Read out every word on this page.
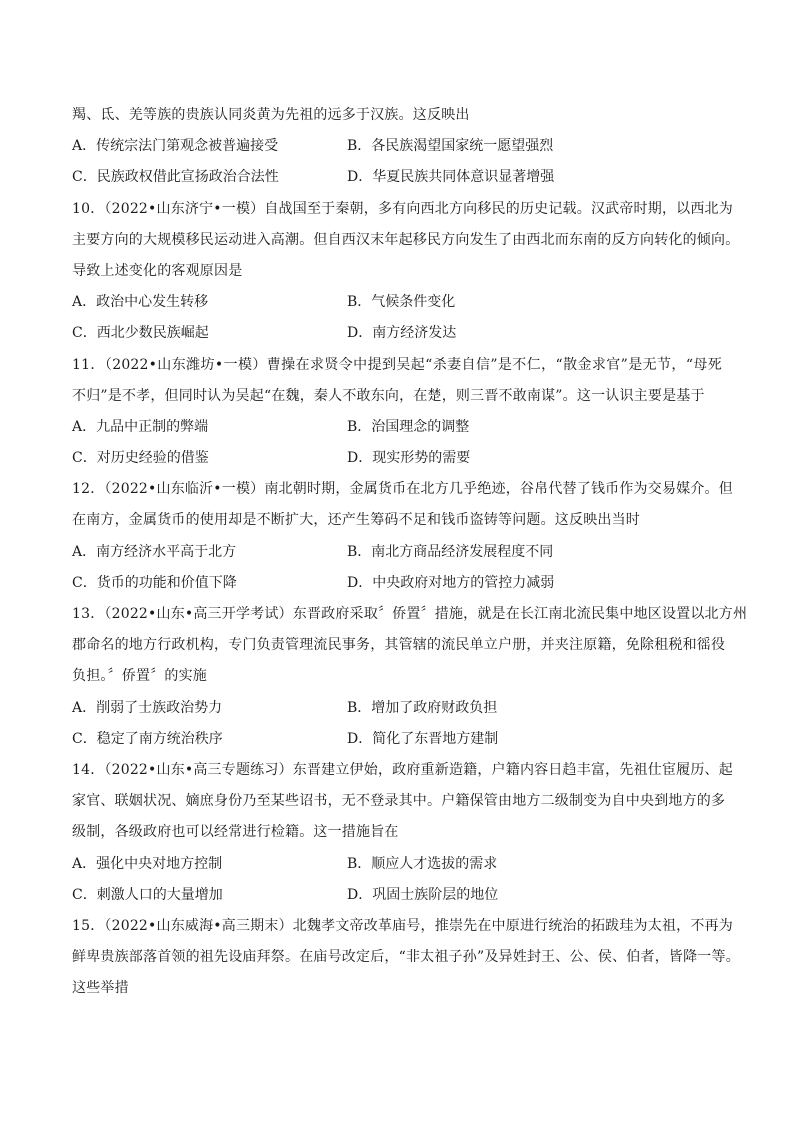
羯、氐、羌等族的贵族认同炎黄为先祖的远多于汉族。这反映出
A．传统宗法门第观念被普遍接受	B．各民族渴望国家统一愿望强烈
C．民族政权借此宣扬政治合法性	D．华夏民族共同体意识显著增强
10．（2022•山东济宁•一模）自战国至于秦朝，多有向西北方向移民的历史记载。汉武帝时期，以西北为
主要方向的大规模移民运动进入高潮。但自西汉末年起移民方向发生了由西北而东南的反方向转化的倾向。
导致上述变化的客观原因是
A．政治中心发生转移	B．气候条件变化
C．西北少数民族崛起	D．南方经济发达
11．（2022•山东潍坊•一模）曹操在求贤令中提到吴起“杀妻自信”是不仁，“散金求官”是无节，“母死
不归”是不孝，但同时认为吴起“在魏，秦人不敢东向，在楚，则三晋不敢南谋”。这一认识主要是基于
A．九品中正制的弊端	B．治国理念的调整
C．对历史经验的借鉴	D．现实形势的需要
12．（2022•山东临沂•一模）南北朝时期，金属货币在北方几乎绝迹，谷帛代替了钱币作为交易媒介。但
在南方，金属货币的使用却是不断扩大，还产生筹码不足和钱币盗铸等问题。这反映出当时
A．南方经济水平高于北方	B．南北方商品经济发展程度不同
C．货币的功能和价值下降	D．中央政府对地方的管控力减弱
13．（2022•山东•高三开学考试）东晋政府采取〞侨置〞措施，就是在长江南北流民集中地区设置以北方州
郡命名的地方行政机构，专门负责管理流民事务，其管辖的流民单立户册，并夹注原籍，免除租税和徭役
负担。〞侨置〞的实施
A．削弱了士族政治势力	B．增加了政府财政负担
C．稳定了南方统治秩序	D．简化了东晋地方建制
14．（2022•山东•高三专题练习）东晋建立伊始，政府重新造籍，户籍内容日趋丰富，先祖仕宦履历、起
家官、联姻状况、嫡庶身份乃至某些诏书，无不登录其中。户籍保管由地方二级制变为自中央到地方的多
级制，各级政府也可以经常进行检籍。这一措施旨在
A．强化中央对地方控制	B．顺应人才选拔的需求
C．刺激人口的大量增加	D．巩固士族阶层的地位
15．（2022•山东威海•高三期末）北魏孝文帝改革庙号，推崇先在中原进行统治的拓跋珪为太祖，不再为
鲜卑贵族部落首领的祖先设庙拜祭。在庙号改定后，“非太祖子孙”及异姓封王、公、侯、伯者，皆降一等。
这些举措
